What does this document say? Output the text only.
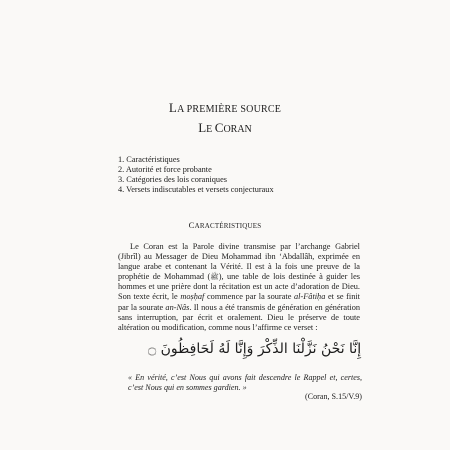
LA PREMIÈRE SOURCE
LE CORAN
1. Caractéristiques
2. Autorité et force probante
3. Catégories des lois coraniques
4. Versets indiscutables et versets conjecturaux
CARACTÉRISTIQUES

Le Coran est la Parole divine transmise par l’archange Gabriel (Jibrîl) au Messager de Dieu Mohammad ibn ‘Abdallâh, exprimée en langue arabe et contenant la Vérité. Il est à la fois une preuve de la prophétie de Mohammad (ﷺ), une table de lois destinée à guider les hommes et une prière dont la récitation est un acte d’adoration de Dieu. Son texte écrit, le moṣḥaf commence par la sourate al-Fâtiḥa et se finit par la sourate an-Nâs. Il nous a été transmis de génération en génération sans interruption, par écrit et oralement. Dieu le préserve de toute altération ou modification, comme nous l’affirme ce verset :

إِنَّا نَحْنُ نَزَّلْنَا الذِّكْرَ وَإِنَّا لَهُ لَحَافِظُونَ ۝

« En vérité, c’est Nous qui avons fait descendre le Rappel et, certes, c’est Nous qui en sommes gardien. »

(Coran, S.15/V.9)
